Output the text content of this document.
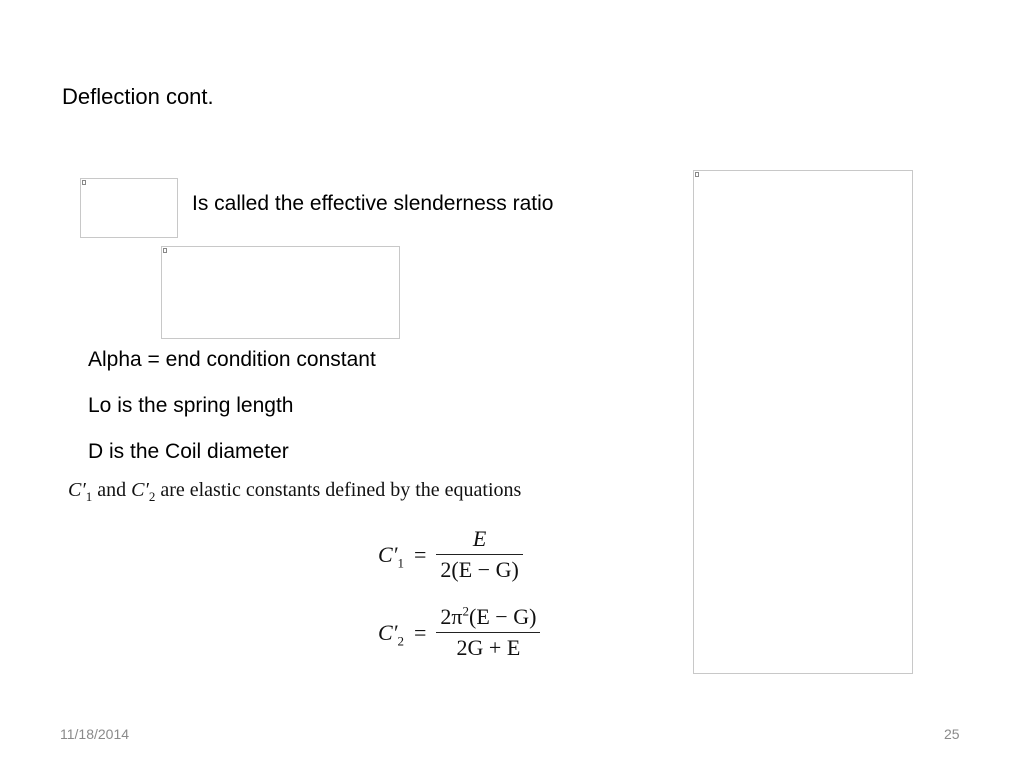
Deflection cont.
Is called the effective slenderness ratio
Alpha = end condition constant
Lo is the spring length
D is the Coil diameter
$C'_1$ and $C'_2$ are elastic constants defined by the equations
$C'_1 = \frac{E}{2(E - G)}$
$C'_2 = \frac{2\pi^2(E - G)}{2G + E}$
11/18/2014	25
